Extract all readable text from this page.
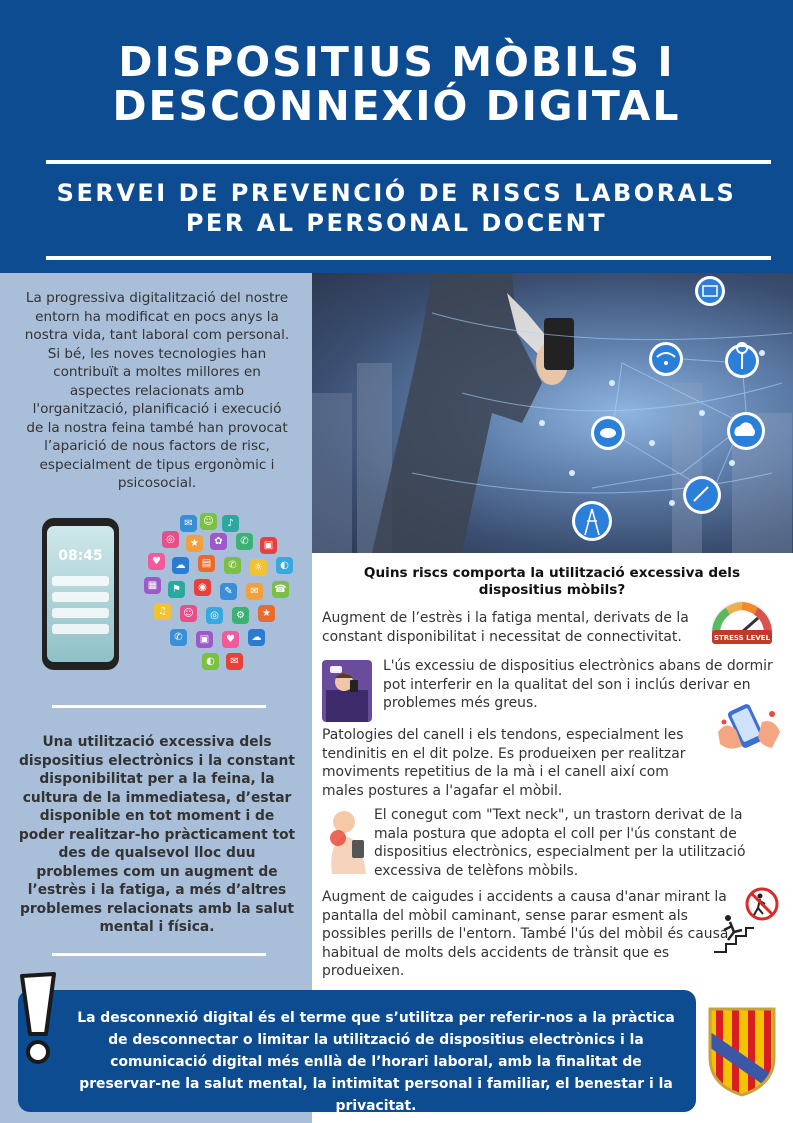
DISPOSITIUS MÒBILS I
DESCONNEXIÓ DIGITAL
SERVEI DE PREVENCIÓ DE RISCS LABORALS
PER AL PERSONAL DOCENT

La progressiva digitalització del nostre entorn ha modificat en pocs anys la nostra vida, tant laboral com personal. Si bé, les noves tecnologies han contribuït a moltes millores en aspectes relacionats amb l'organització, planificació i execució de la nostra feina també han provocat l’aparició de nous factors de risc, especialment de tipus ergonòmic i psicosocial.

08:45
✉	☺	♪
◎	★	✿	✆	▣
♥	☁	▤	✆	☼	◐
▦	⚑	◉	✎	✉	☎
♫	☺	◎	⚙	★
✆	▣	♥	☁
◐	✉

Una utilització excessiva dels dispositius electrònics i la constant disponibilitat per a la feina, la cultura de la immediatesa, d’estar disponible en tot moment i de poder realitzar-ho pràcticament tot des de qualsevol lloc duu problemes com un augment de l’estrès i la fatiga, a més d’altres problemes relacionats amb la salut mental i física.

Quins riscs comporta la utilització excessiva dels dispositius mòbils?

Augment de l’estrès i la fatiga mental, derivats de la constant disponibilitat i necessitat de connectivitat.	STRESS LEVEL

L'ús excessiu de dispositius electrònics abans de dormir pot interferir en la qualitat del son i inclús derivar en problemes més greus.

Patologies del canell i els tendons, especialment les tendinitis en el dit polze. Es produeixen per realitzar moviments repetitius de la mà i el canell així com males postures a l'agafar el mòbil.

El conegut com "Text neck", un trastorn derivat de la mala postura que adopta el coll per l'ús constant de dispositius electrònics, especialment per la utilització excessiva de telèfons mòbils.

Augment de caigudes i accidents a causa d'anar mirant la pantalla del mòbil caminant, sense parar esment als possibles perills de l'entorn. També l'ús del mòbil és causa habitual de molts dels accidents de trànsit que es produeixen.

La desconnexió digital és el terme que s’utilitza per referir-nos a la pràctica de desconnectar o limitar la utilització de dispositius electrònics i la comunicació digital més enllà de l’horari laboral, amb la finalitat de preservar-ne la salut mental, la intimitat personal i familiar, el benestar i la privacitat.
